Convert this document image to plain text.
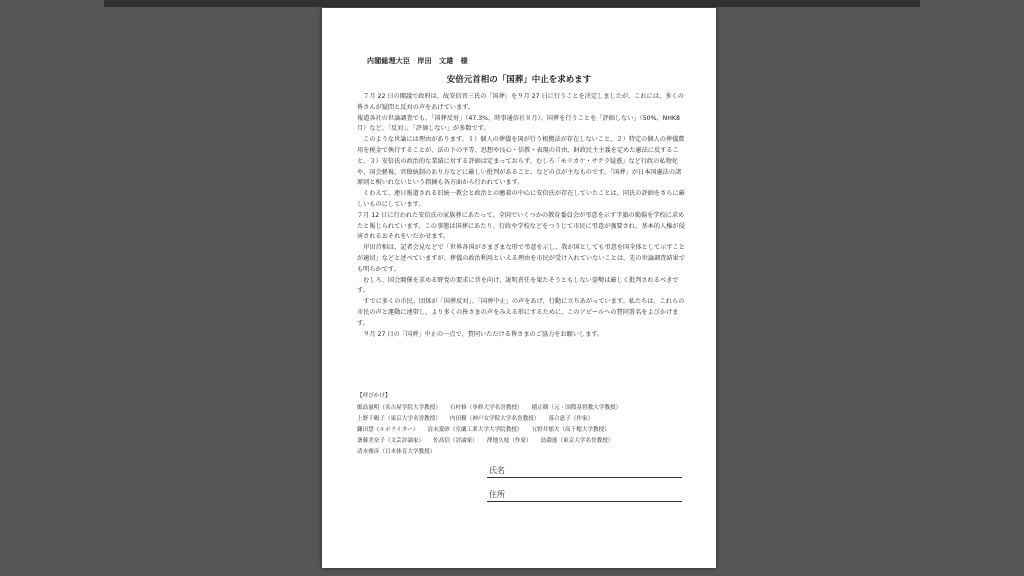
内閣総理大臣　岸田　文雄　様
安倍元首相の「国葬」中止を求めます

　７月 22 日の閣議で政府は、故安倍晋三氏の「国葬」を９月 27 日に行うことを決定しましたが、これには、多くの皆さんが疑問と反対の声をあげています。

報道各社の世論調査でも、「国葬反対」（47.3%、時事通信社８月）、国葬を行うことを「評価しない」（50%、NHK8 月）など、「反対」、「評価しない」が多数です。

　このような世論には理由があります。１）個人の葬儀を国が行う根拠法が存在しないこと、２）特定の個人の葬儀費用を税金で執行することが、法の下の平等、思想や良心・信教・表現の自由、財政民主主義を定めた憲法に反すること、３）安倍氏の政治的な業績に対する評価は定まっておらず、むしろ「モリカケ・サクラ疑惑」など行政の私物化や、国会軽視、官僚統制のあり方などに厳しい批判があること、などの点が主なものです。「国葬」が日本国憲法の諸原則と相いれないという指摘も各方面から行われています。

　くわえて、連日報道される旧統一教会と政治との癒着の中心に安倍氏が存在していたことは、同氏の評価をさらに厳しいものにしています。

７月 12 日に行われた安倍氏の家族葬にあたって、全国でいくつかの教育委員会が弔意を示す半旗の掲揚を学校に求めたと報じられています。この事態は国葬にあたり、行政や学校などをつうじて市民に弔意が強要され、基本的人権が侵害されるおそれをいだかせます。

　岸田首相は、記者会見などで「世界各国がさまざまな形で弔意を示し、我が国としても弔意を国全体として示すことが適切」などと述べていますが、葬儀の政治利用といえる理由を市民が受け入れていないことは、先の世論調査結果でも明らかです。

　むしろ、国会開催を求める野党の要求に背を向け、説明責任を果たそうともしない姿勢は厳しく批判されるべきです。

　すでに多くの市民、団体が「国葬反対」、「国葬中止」の声をあげ、行動に立ちあがっています。私たちは、これらの市民の声と運動に連帯し、より多くの皆さまの声をみえる形にするために、このアピールへの賛同署名をよびかけます。

　９月 27 日の「国葬」中止の一点で、賛同いただける皆さまのご協力をお願いします。

【呼びかけ】
飯島滋明（名古屋学院大学教授） 石村修（専修大学名誉教授） 稲正樹（元・国際基督教大学教授）
上野千鶴子（東京大学名誉教授） 内田樹（神戸女学院大学名誉教授） 落合恵子（作家）
鎌田慧（ルポライター） 清末愛砂（室蘭工業大学大学院教授） 五野井郁夫（高千穂大学教授）
斎藤美奈子（文芸評論家） 佐高信（評論家） 澤地久枝（作家） 島薗進（東京大学名誉教授）
清水雅彦（日本体育大学教授）
氏名
住所
